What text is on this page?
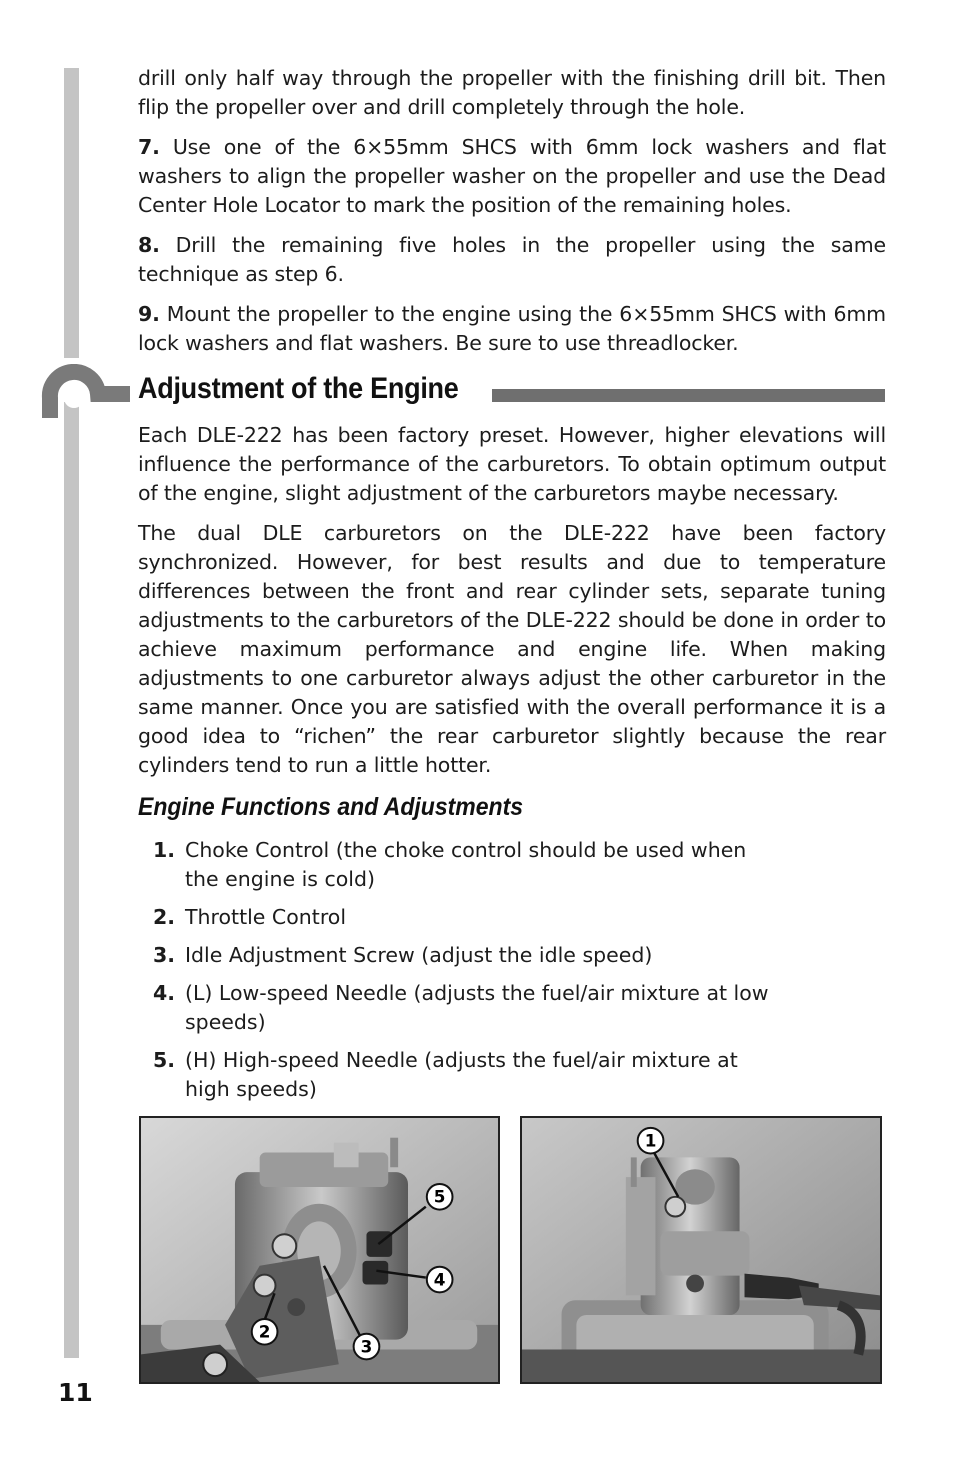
drill only half way through the propeller with the finishing drill bit. Then flip the propeller over and drill completely through the hole.

7. Use one of the 6×55mm SHCS with 6mm lock washers and flat washers to align the propeller washer on the propeller and use the Dead Center Hole Locator to mark the position of the remaining holes.

8. Drill the remaining five holes in the propeller using the same technique as step 6.

9. Mount the propeller to the engine using the 6×55mm SHCS with 6mm lock washers and flat washers. Be sure to use threadlocker.

Adjustment of the Engine

Each DLE-222 has been factory preset. However, higher elevations will influence the performance of the carburetors. To obtain optimum output of the engine, slight adjustment of the carburetors maybe necessary.

The dual DLE carburetors on the DLE-222 have been factory synchronized. However, for best results and due to temperature differences between the front and rear cylinder sets, separate tuning adjustments to the carburetors of the DLE-222 should be done in order to achieve maximum performance and engine life. When making adjustments to one carburetor always adjust the other carburetor in the same manner. Once you are satisfied with the overall performance it is a good idea to “richen” the rear carburetor slightly because the rear cylinders tend to run a little hotter.

Engine Functions and Adjustments
1. Choke Control (the choke control should be used when the engine is cold)
2. Throttle Control
3. Idle Adjustment Screw (adjust the idle speed)
4. (L) Low-speed Needle (adjusts the fuel/air mixture at low speeds)
5. (H) High-speed Needle (adjusts the fuel/air mixture at high speeds)
5
4
2
3
1
11
